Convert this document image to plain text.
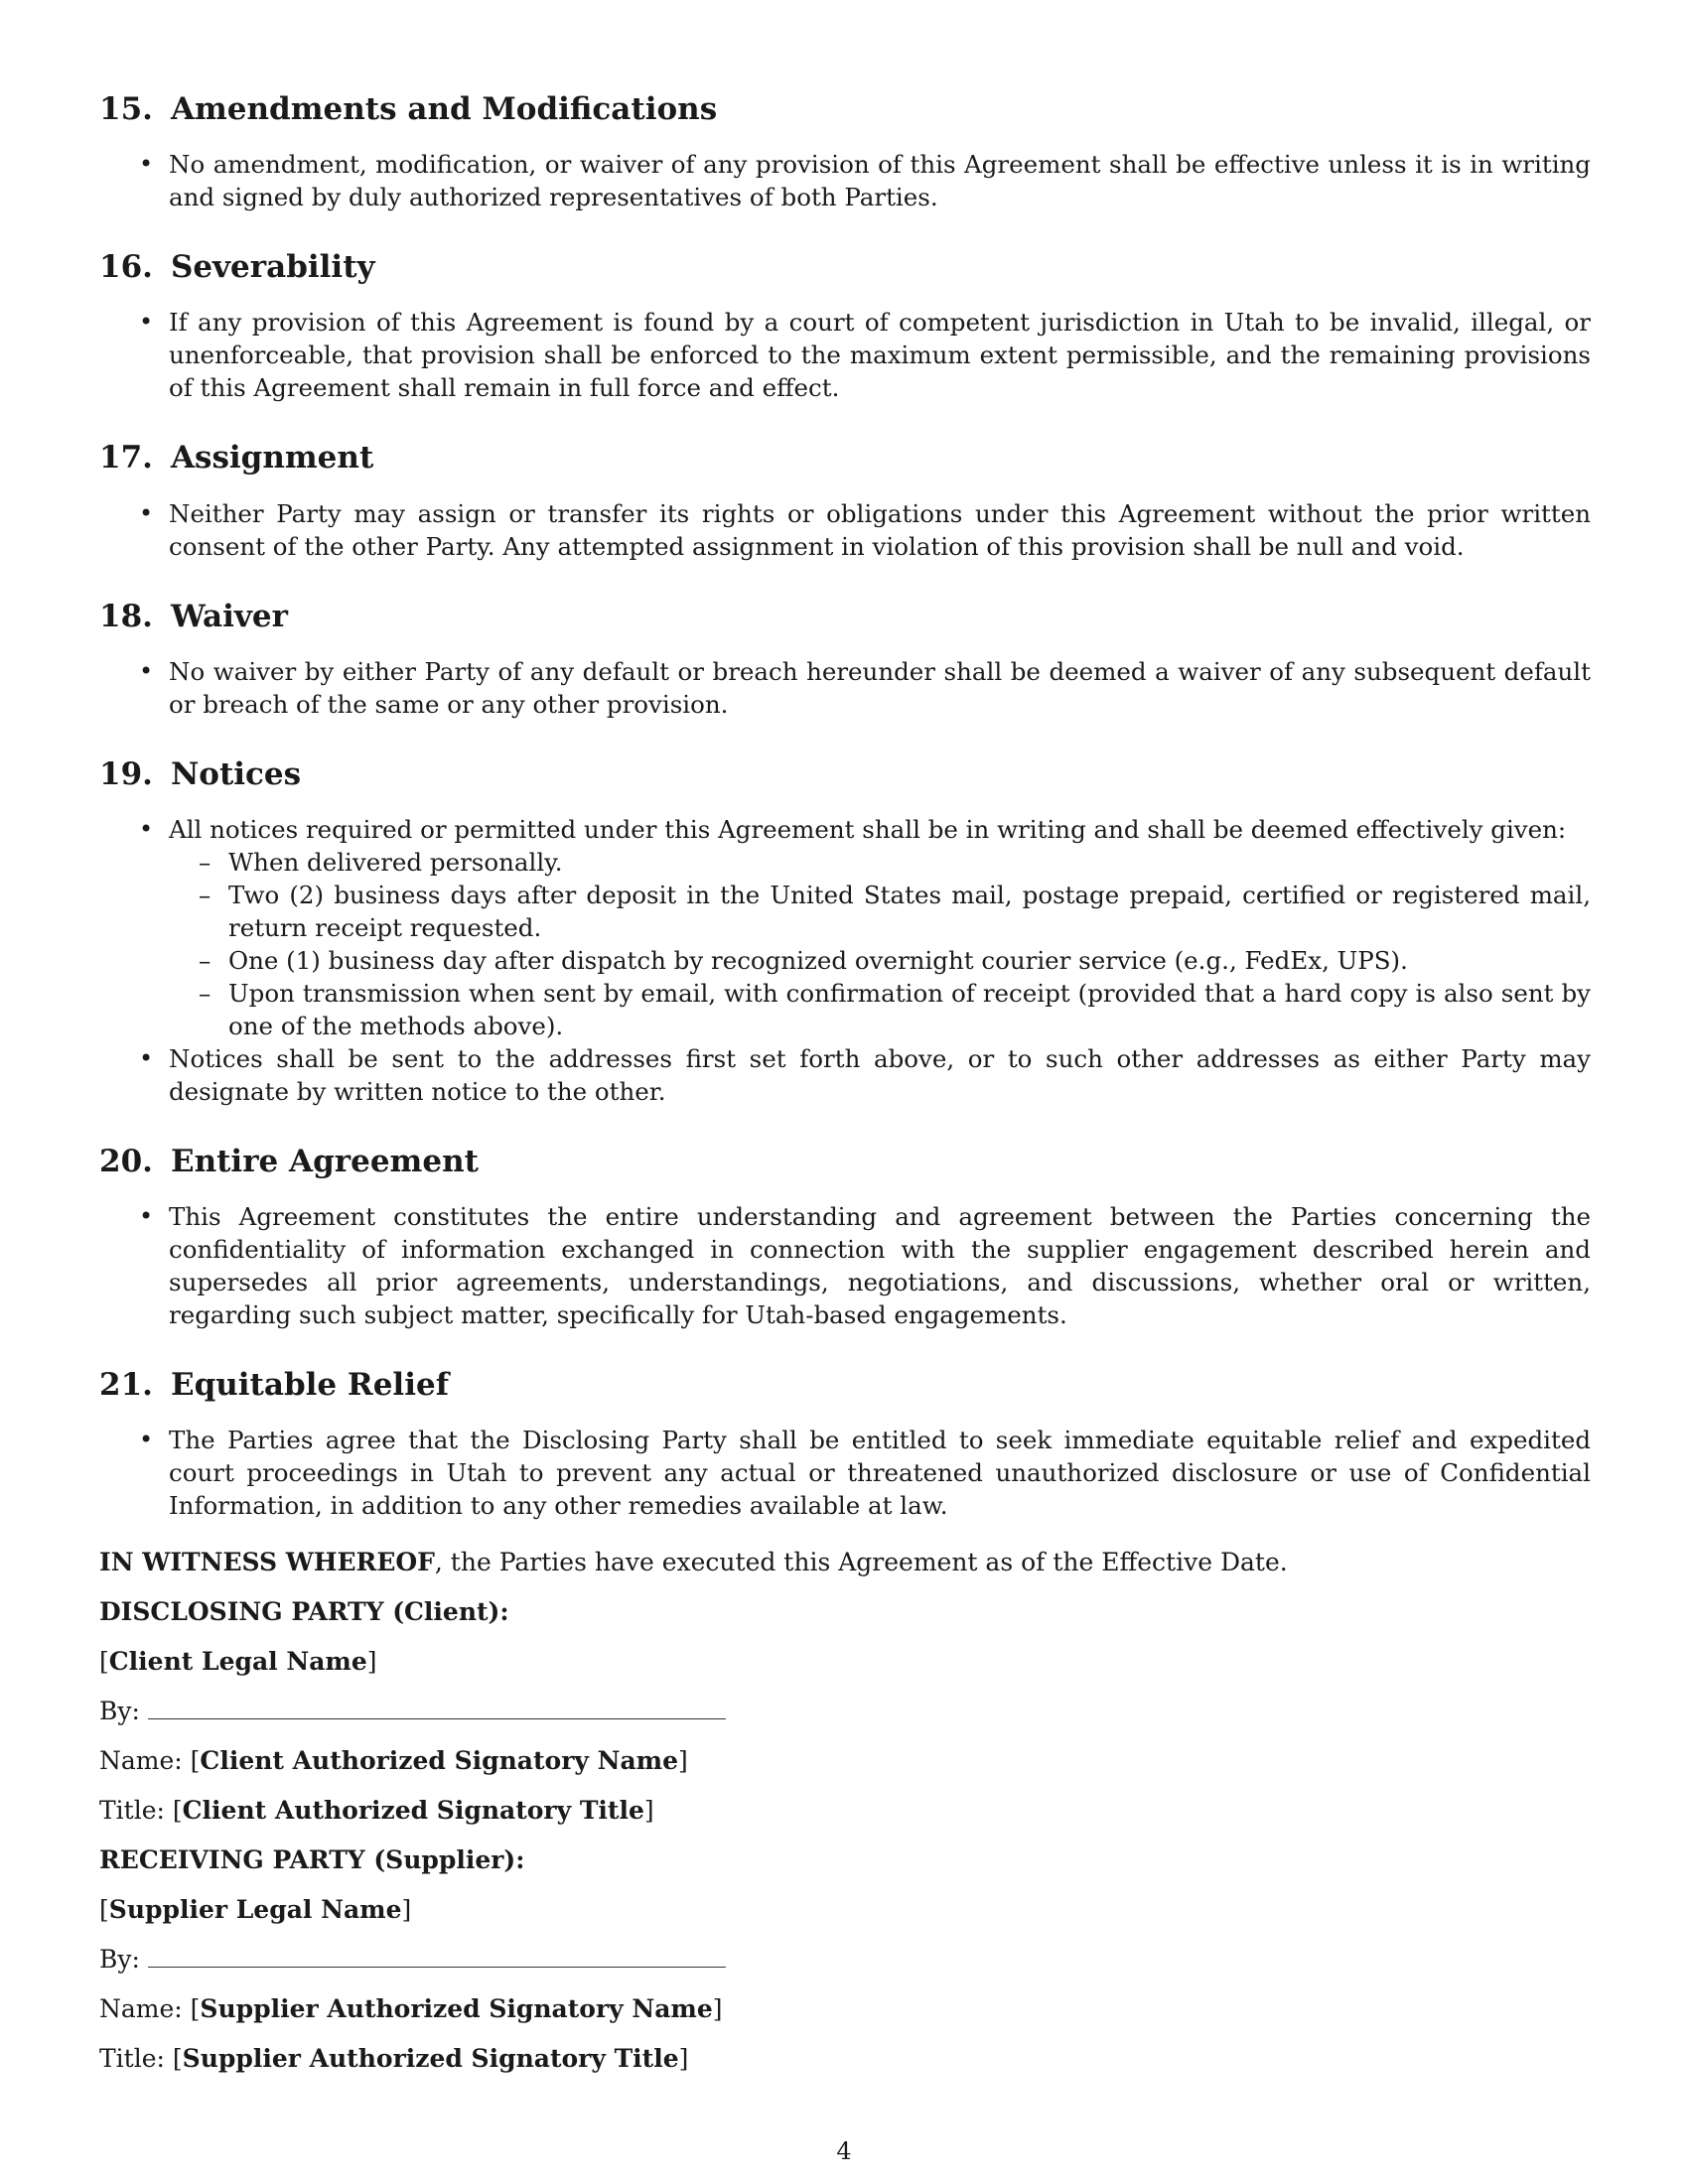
15. Amendments and Modifications
• No amendment, modification, or waiver of any provision of this Agreement shall be effective unless it is in writing and signed by duly authorized representatives of both Parties.
16. Severability
• If any provision of this Agreement is found by a court of competent jurisdiction in Utah to be invalid, illegal, or unenforceable, that provision shall be enforced to the maximum extent permissible, and the remaining provisions of this Agreement shall remain in full force and effect.
17. Assignment
• Neither Party may assign or transfer its rights or obligations under this Agreement without the prior written consent of the other Party. Any attempted assignment in violation of this provision shall be null and void.
18. Waiver
• No waiver by either Party of any default or breach hereunder shall be deemed a waiver of any subsequent default or breach of the same or any other provision.
19. Notices
• All notices required or permitted under this Agreement shall be in writing and shall be deemed effectively given:
– When delivered personally.
– Two (2) business days after deposit in the United States mail, postage prepaid, certified or registered mail, return receipt requested.
– One (1) business day after dispatch by recognized overnight courier service (e.g., FedEx, UPS).
– Upon transmission when sent by email, with confirmation of receipt (provided that a hard copy is also sent by one of the methods above).
• Notices shall be sent to the addresses first set forth above, or to such other addresses as either Party may designate by written notice to the other.
20. Entire Agreement
• This Agreement constitutes the entire understanding and agreement between the Parties concerning the confidentiality of information exchanged in connection with the supplier engagement described herein and supersedes all prior agreements, understandings, negotiations, and discussions, whether oral or written, regarding such subject matter, specifically for Utah-based engagements.
21. Equitable Relief
• The Parties agree that the Disclosing Party shall be entitled to seek immediate equitable relief and expedited court proceedings in Utah to prevent any actual or threatened unauthorized disclosure or use of Confidential Information, in addition to any other remedies available at law.
IN WITNESS WHEREOF, the Parties have executed this Agreement as of the Effective Date.
DISCLOSING PARTY (Client):
[Client Legal Name]
By:
Name: [Client Authorized Signatory Name]
Title: [Client Authorized Signatory Title]
RECEIVING PARTY (Supplier):
[Supplier Legal Name]
By:
Name: [Supplier Authorized Signatory Name]
Title: [Supplier Authorized Signatory Title]
4
